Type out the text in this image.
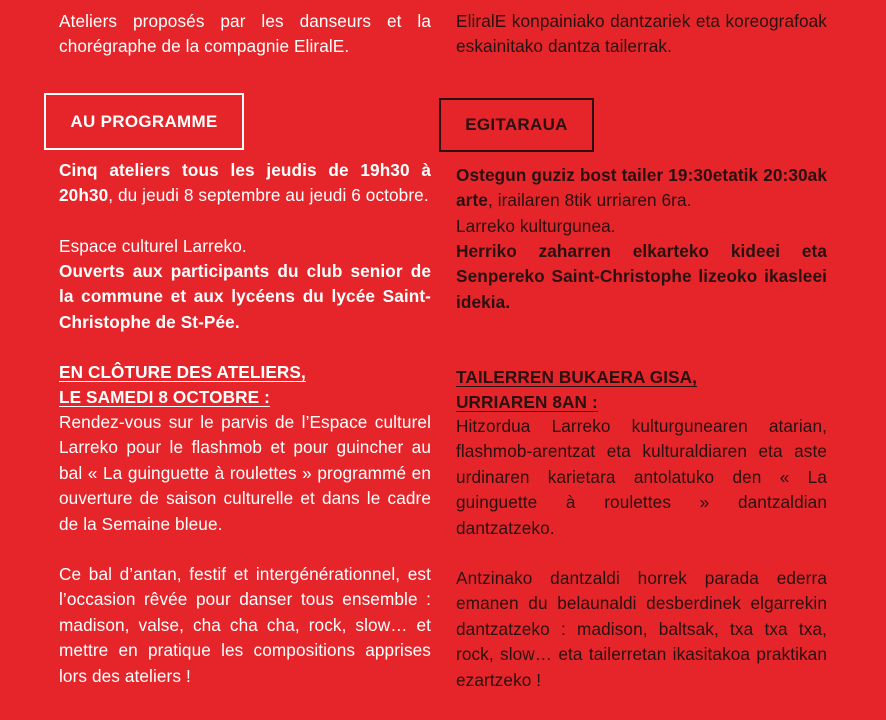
Ateliers proposés par les danseurs et la chorégraphe de la compagnie EliralE.

Cinq ateliers tous les jeudis de 19h30 à 20h30, du jeudi 8 septembre au jeudi 6 octobre.

Espace culturel Larreko.

Ouverts aux participants du club senior de la commune et aux lycéens du lycée Saint-Christophe de St-Pée.

EN CLÔTURE DES ATELIERS,

LE SAMEDI 8 OCTOBRE :

Rendez-vous sur le parvis de l’Espace culturel Larreko pour le flashmob et pour guincher au bal « La guinguette à roulettes » programmé en ouverture de saison culturelle et dans le cadre de la Semaine bleue.

Ce bal d’antan, festif et intergénérationnel, est l’occasion rêvée pour danser tous ensemble : madison, valse, cha cha cha, rock, slow… et mettre en pratique les compositions apprises lors des ateliers !

EliralE konpainiako dantzariek eta koreografoak eskainitako dantza tailerrak.

Ostegun guziz bost tailer 19:30etatik 20:30ak arte, irailaren 8tik urriaren 6ra.

Larreko kulturgunea.

Herriko zaharren elkarteko kideei eta Senpereko Saint-Christophe lizeoko ikasleei idekia.

TAILERREN BUKAERA GISA,

URRIAREN 8AN :

Hitzordua Larreko kulturgunearen atarian, flashmob-arentzat eta kulturaldiaren eta aste urdinaren karietara antolatuko den « La guinguette à roulettes » dantzaldian dantzatzeko.

Antzinako dantzaldi horrek parada ederra emanen du belaunaldi desberdinek elgarrekin dantzatzeko : madison, baltsak, txa txa txa, rock, slow… eta tailerretan ikasitakoa praktikan ezartzeko !

AU PROGRAMME	EGITARAUA
